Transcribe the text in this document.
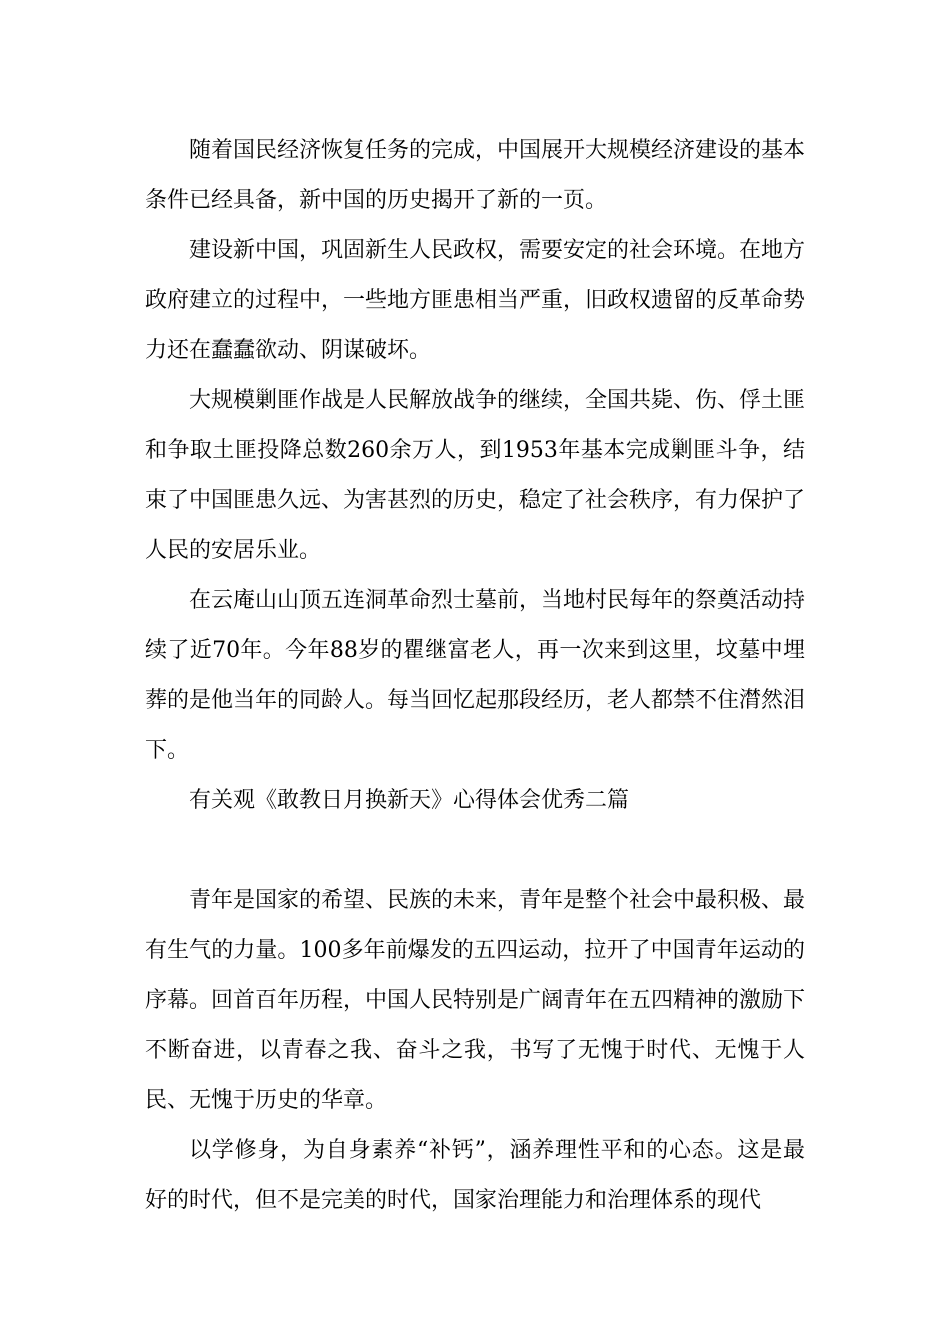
随着国民经济恢复任务的完成，中国展开大规模经济建设的基本条件已经具备，新中国的历史揭开了新的一页。

建设新中国，巩固新生人民政权，需要安定的社会环境。在地方政府建立的过程中，一些地方匪患相当严重，旧政权遗留的反革命势力还在蠢蠢欲动、阴谋破坏。

大规模剿匪作战是人民解放战争的继续，全国共毙、伤、俘土匪和争取土匪投降总数260余万人，到1953年基本完成剿匪斗争，结束了中国匪患久远、为害甚烈的历史，稳定了社会秩序，有力保护了人民的安居乐业。

在云庵山山顶五连洞革命烈士墓前，当地村民每年的祭奠活动持续了近70年。今年88岁的瞿继富老人，再一次来到这里，坟墓中埋葬的是他当年的同龄人。每当回忆起那段经历，老人都禁不住潸然泪下。

有关观《敢教日月换新天》心得体会优秀二篇

青年是国家的希望、民族的未来，青年是整个社会中最积极、最有生气的力量。100多年前爆发的五四运动，拉开了中国青年运动的序幕。回首百年历程，中国人民特别是广阔青年在五四精神的激励下不断奋进，以青春之我、奋斗之我，书写了无愧于时代、无愧于人民、无愧于历史的华章。

以学修身，为自身素养“补钙”，涵养理性平和的心态。这是最好的时代，但不是完美的时代，国家治理能力和治理体系的现代
